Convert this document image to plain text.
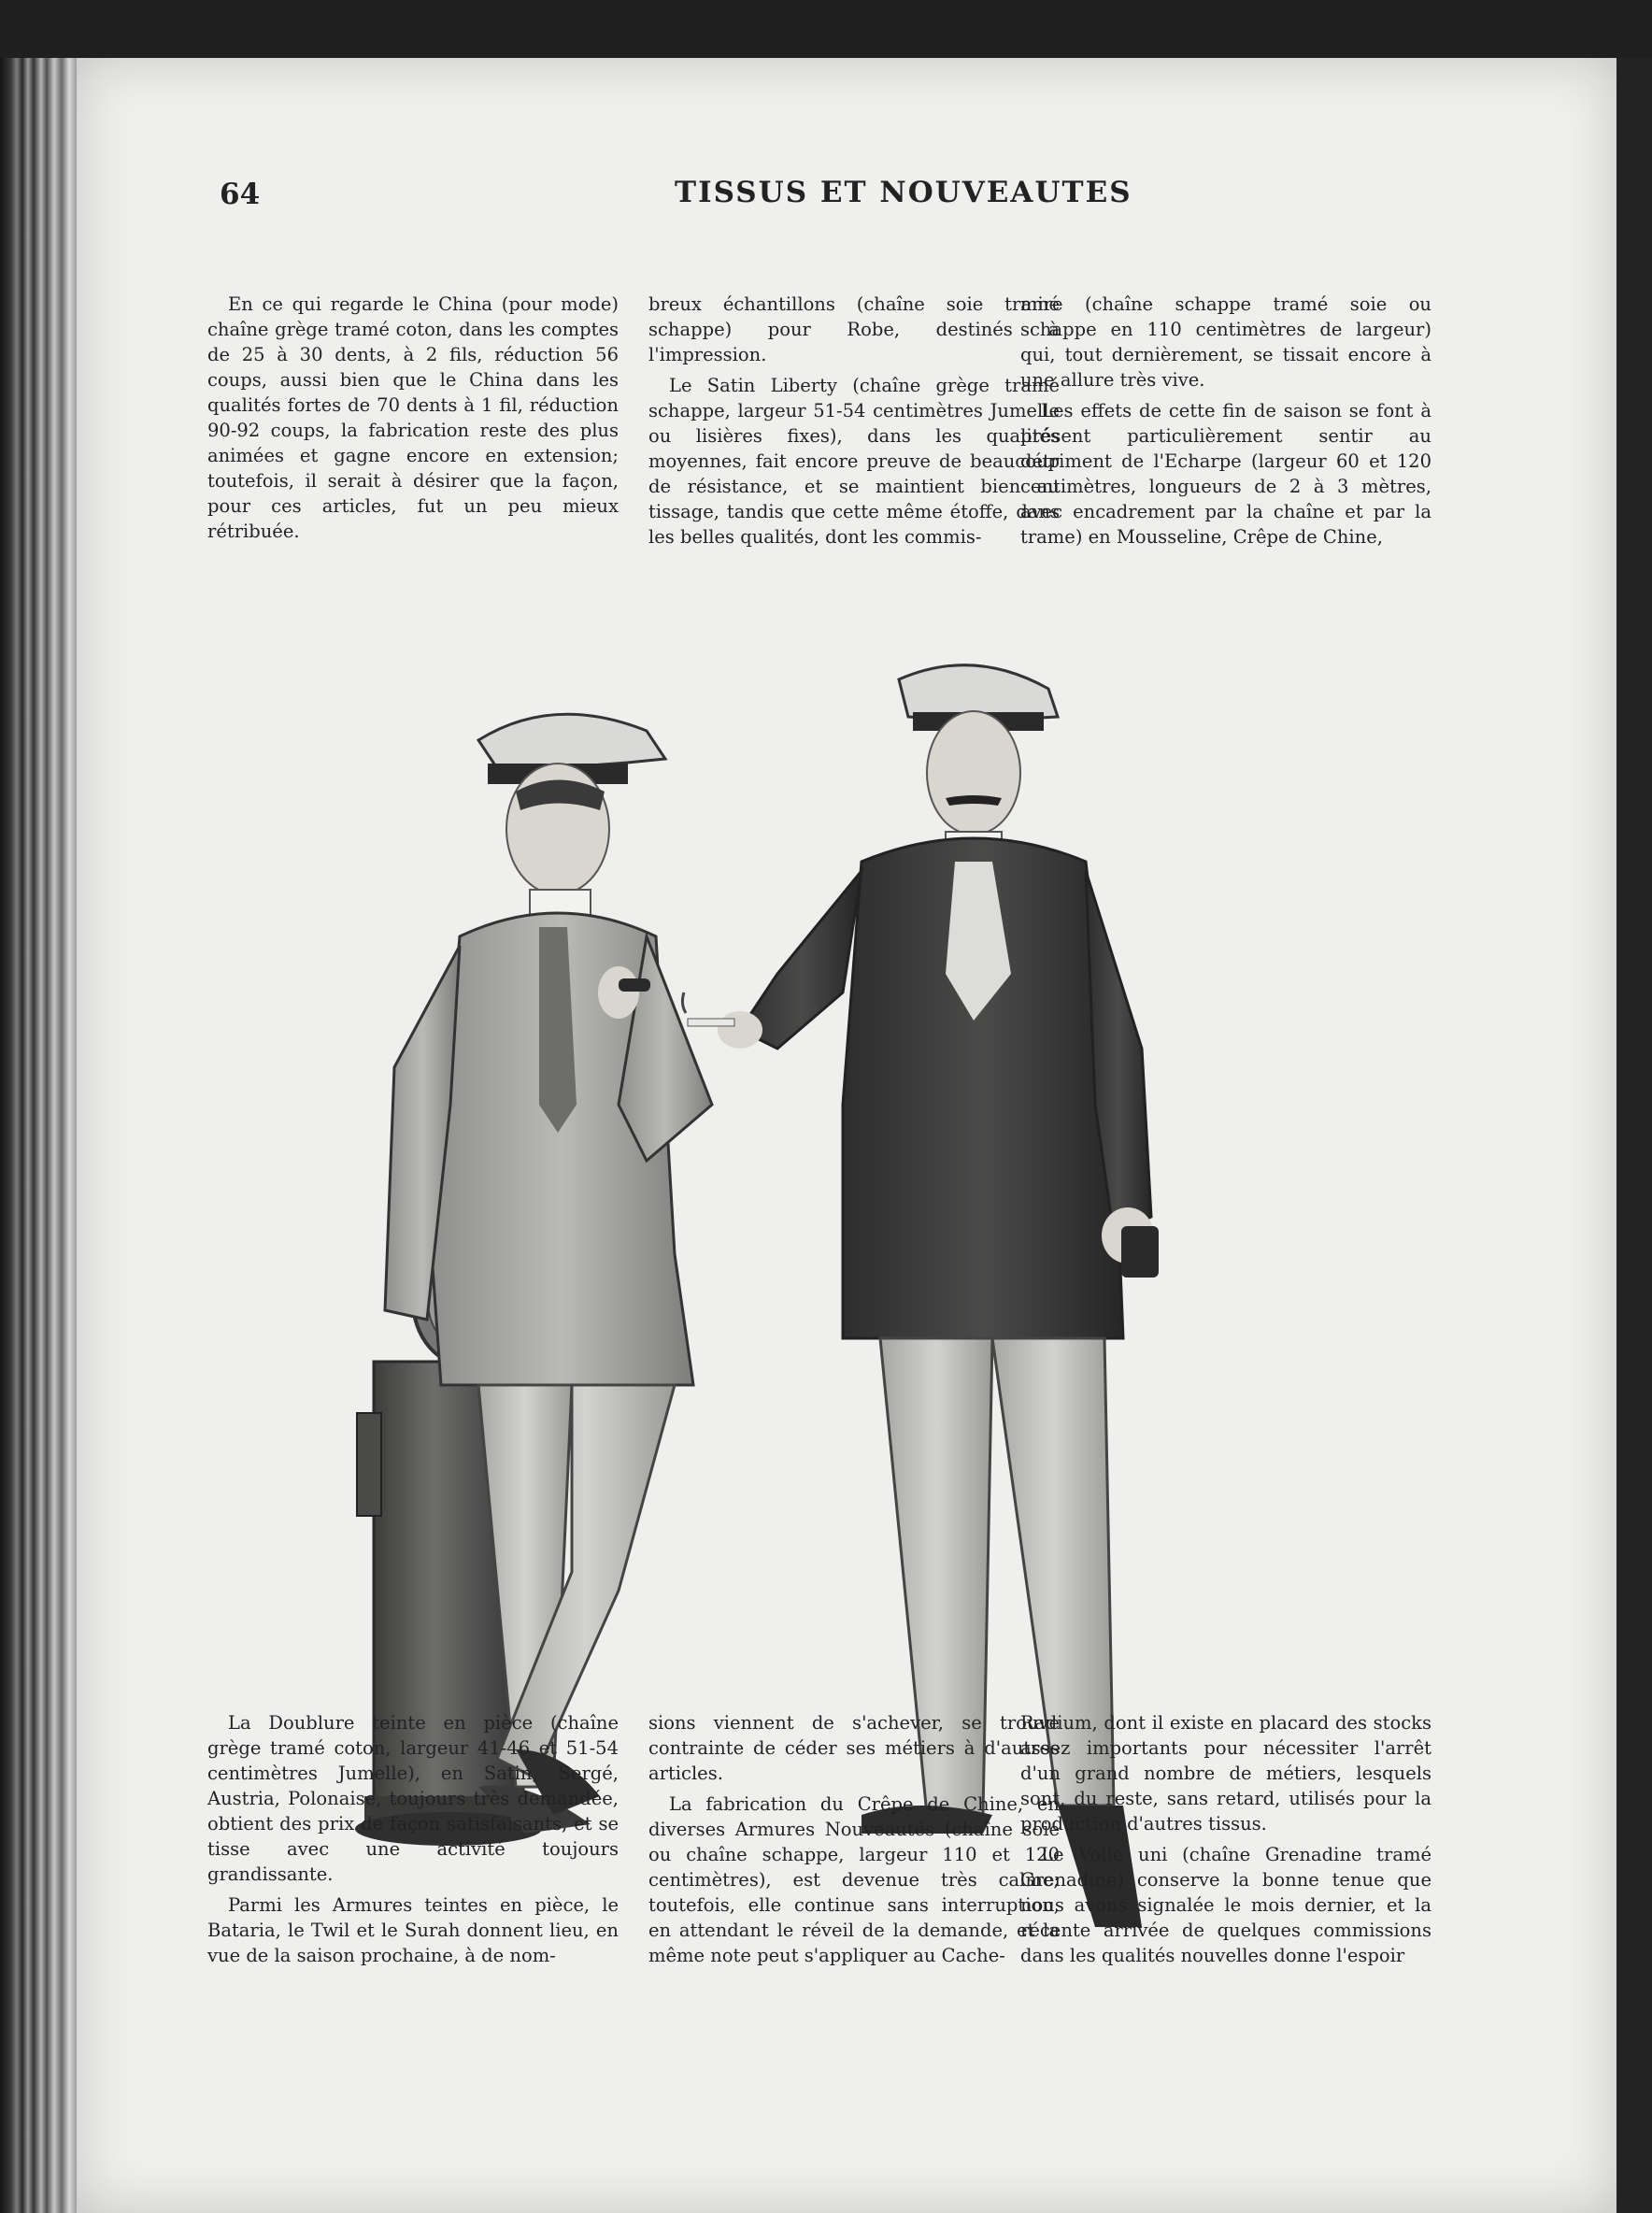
64	TISSUS ET NOUVEAUTES

En ce qui regarde le China (pour mode) chaîne grège tramé coton, dans les comptes de 25 à 30 dents, à 2 fils, réduction 56 coups, aussi bien que le China dans les qualités fortes de 70 dents à 1 fil, réduction 90-92 coups, la fabrication reste des plus animées et gagne encore en extension; toutefois, il serait à désirer que la façon, pour ces articles, fut un peu mieux rétribuée.

breux échantillons (chaîne soie tramé schappe) pour Robe, destinés à l'impression.

Le Satin Liberty (chaîne grège tramé schappe, largeur 51-54 centimètres Jumelle ou lisières fixes), dans les qualités moyennes, fait encore preuve de beaucoup de résistance, et se maintient bien au tissage, tandis que cette même étoffe, dans les belles qualités, dont les commis-

mire (chaîne schappe tramé soie ou schappe en 110 centimètres de largeur) qui, tout dernièrement, se tissait encore à une allure très vive.

Les effets de cette fin de saison se font à présent particulièrement sentir au détriment de l'Echarpe (largeur 60 et 120 centimètres, longueurs de 2 à 3 mètres, avec encadrement par la chaîne et par la trame) en Mousseline, Crêpe de Chine,

La Doublure teinte en pièce (chaîne grège tramé coton, largeur 41-46 et 51-54 centimètres Jumelle), en Satin, Sergé, Austria, Polonaise, toujours très demandée, obtient des prix de façon satisfaisants, et se tisse avec une activité toujours grandissante.

Parmi les Armures teintes en pièce, le Bataria, le Twil et le Surah donnent lieu, en vue de la saison prochaine, à de nom-

sions viennent de s'achever, se trouve contrainte de céder ses métiers à d'autres articles.

La fabrication du Crêpe de Chine, en diverses Armures Nouveautés (chaîne soie ou chaîne schappe, largeur 110 et 120 centimètres), est devenue très calme; toutefois, elle continue sans interruption, en attendant le réveil de la demande, et la même note peut s'appliquer au Cache-

Radium, dont il existe en placard des stocks assez importants pour nécessiter l'arrêt d'un grand nombre de métiers, lesquels sont, du reste, sans retard, utilisés pour la production d'autres tissus.

Le Voile uni (chaîne Grenadine tramé Grenadine) conserve la bonne tenue que nous avons signalée le mois dernier, et la récente arrivée de quelques commissions dans les qualités nouvelles donne l'espoir
